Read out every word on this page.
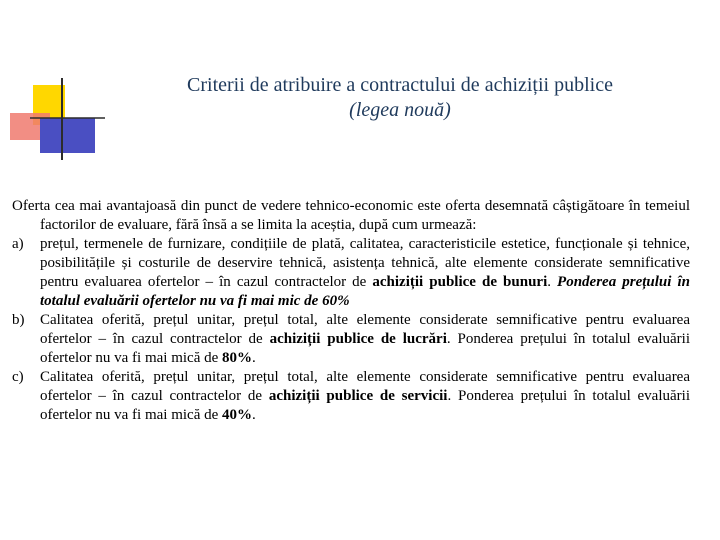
Criterii de atribuire a contractului de achiziții publice
(legea nouă)

Oferta cea mai avantajoasă din punct de vedere tehnico-economic este oferta desemnată câștigătoare în temeiul factorilor de evaluare, fără însă a se limita la aceștia, după cum urmează:

a) prețul, termenele de furnizare, condițiile de plată, calitatea, caracteristicile estetice, funcționale și tehnice, posibilitățile și costurile de deservire tehnică, asistența tehnică, alte elemente considerate semnificative pentru evaluarea ofertelor – în cazul contractelor de achiziții publice de bunuri. Ponderea prețului în totalul evaluării ofertelor nu va fi mai mic de 60%

b) Calitatea oferită, prețul unitar, prețul total, alte elemente considerate semnificative pentru evaluarea ofertelor – în cazul contractelor de achiziții publice de lucrări. Ponderea prețului în totalul evaluării ofertelor nu va fi mai mică de 80%.

c) Calitatea oferită, prețul unitar, prețul total, alte elemente considerate semnificative pentru evaluarea ofertelor – în cazul contractelor de achiziții publice de servicii. Ponderea prețului în totalul evaluării ofertelor nu va fi mai mică de 40%.
